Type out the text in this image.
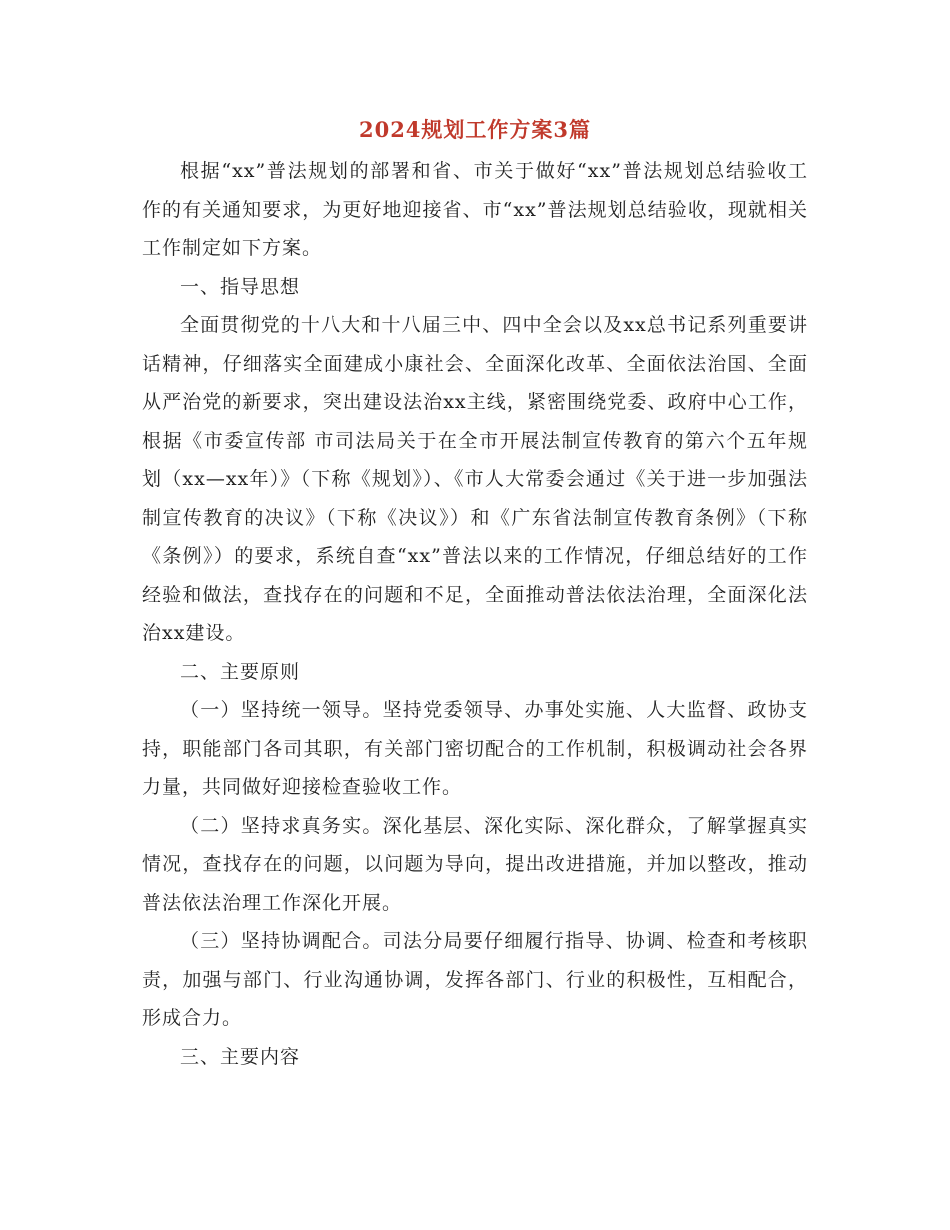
2024规划工作方案3篇

根据“xx”普法规划的部署和省、市关于做好“xx”普法规划总结验收工作的有关通知要求，为更好地迎接省、市“xx”普法规划总结验收，现就相关工作制定如下方案。

一、指导思想

全面贯彻党的十八大和十八届三中、四中全会以及xx总书记系列重要讲话精神，仔细落实全面建成小康社会、全面深化改革、全面依法治国、全面从严治党的新要求，突出建设法治xx主线，紧密围绕党委、政府中心工作，根据《市委宣传部 市司法局关于在全市开展法制宣传教育的第六个五年规划（xx—xx年）》（下称《规划》）、《市人大常委会通过《关于进一步加强法制宣传教育的决议》（下称《决议》）和《广东省法制宣传教育条例》（下称《条例》）的要求，系统自查“xx”普法以来的工作情况，仔细总结好的工作经验和做法，查找存在的问题和不足，全面推动普法依法治理，全面深化法治xx建设。

二、主要原则

（一）坚持统一领导。坚持党委领导、办事处实施、人大监督、政协支持，职能部门各司其职，有关部门密切配合的工作机制，积极调动社会各界力量，共同做好迎接检查验收工作。

（二）坚持求真务实。深化基层、深化实际、深化群众，了解掌握真实情况，查找存在的问题，以问题为导向，提出改进措施，并加以整改，推动普法依法治理工作深化开展。

（三）坚持协调配合。司法分局要仔细履行指导、协调、检查和考核职责，加强与部门、行业沟通协调，发挥各部门、行业的积极性，互相配合，形成合力。

三、主要内容
